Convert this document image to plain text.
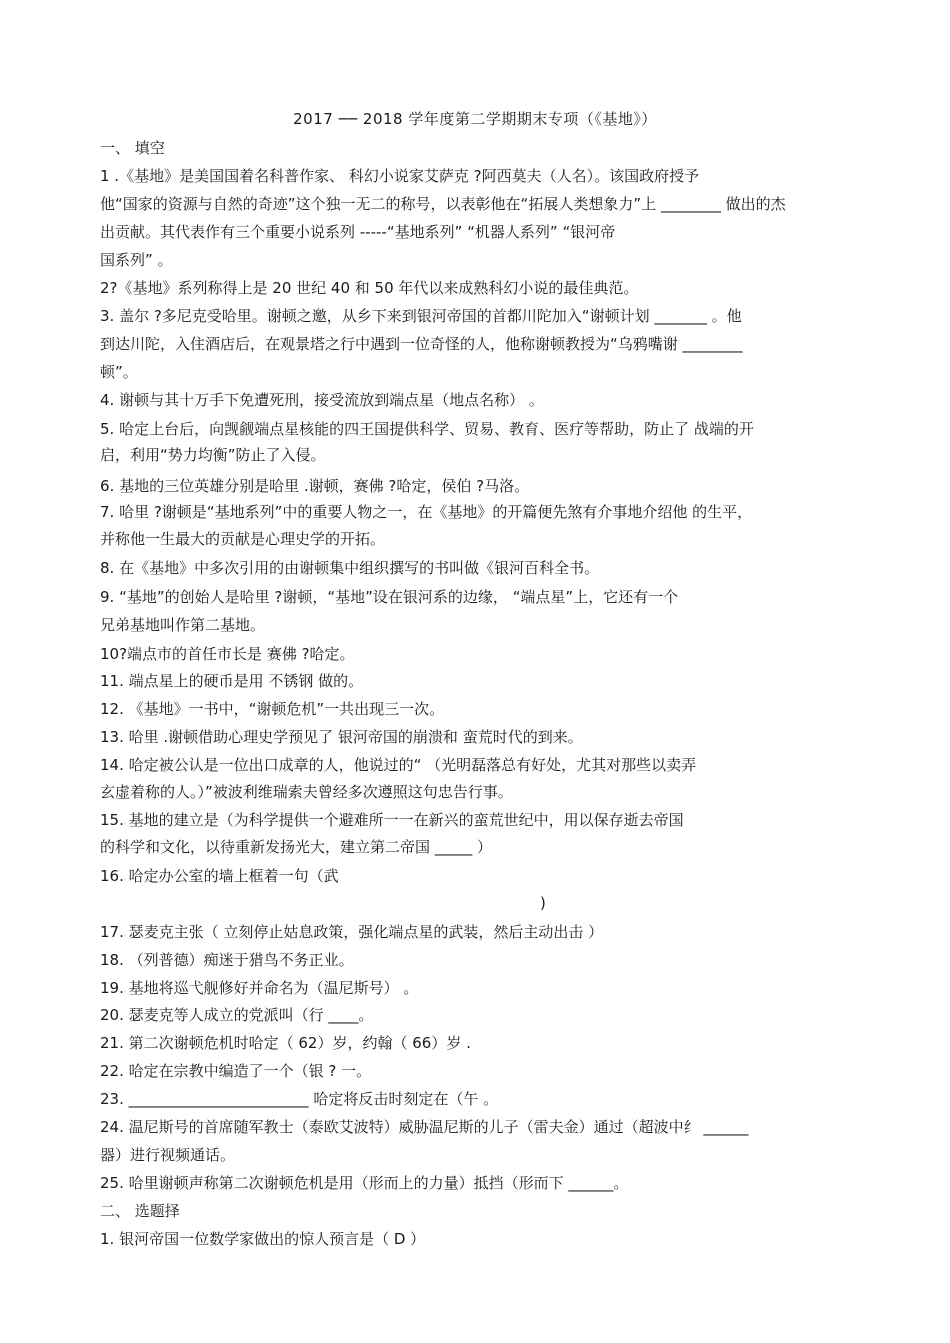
2017 ── 2018 学年度第二学期期末专项（《基地》）
一、 填空
1 .《基地》是美国国着名科普作家、 科幻小说家艾萨克 ?阿西莫夫（人名）。该国政府授予
他“国家的资源与自然的奇迹”这个独一无二的称号，以表彰他在“拓展人类想象力”上 ________ 做出的杰
出贡献。其代表作有三个重要小说系列 -----“基地系列” “机器人系列” “银河帝
国系列” 。
2?《基地》系列称得上是 20 世纪 40 和 50 年代以来成熟科幻小说的最佳典范。
3. 盖尔 ?多尼克受哈里。谢顿之邀，从乡下来到银河帝国的首都川陀加入“谢顿计划 _______ 。他
到达川陀，入住酒店后，在观景塔之行中遇到一位奇怪的人，他称谢顿教授为“乌鸦嘴谢 ________
顿”。
4. 谢顿与其十万手下免遭死刑，接受流放到端点星（地点名称） 。
5. 哈定上台后，向觊觎端点星核能的四王国提供科学、贸易、教育、医疗等帮助，防止了 战端的开
启，利用“势力均衡”防止了入侵。
6. 基地的三位英雄分别是哈里 .谢顿，赛佛 ?哈定，侯伯 ?马洛。
7. 哈里 ?谢顿是“基地系列”中的重要人物之一，在《基地》的开篇便先煞有介事地介绍他 的生平，
并称他一生最大的贡献是心理史学的开拓。
8. 在《基地》中多次引用的由谢顿集中组织撰写的书叫做《银河百科全书。
9. “基地”的创始人是哈里 ?谢顿，“基地”设在银河系的边缘， “端点星”上，它还有一个
兄弟基地叫作第二基地。
10?端点市的首任市长是 赛佛 ?哈定。
11. 端点星上的硬币是用 不锈钢 做的。
12. 《基地》一书中，“谢顿危机”一共出现三一次。
13. 哈里 .谢顿借助心理史学预见了 银河帝国的崩溃和 蛮荒时代的到来。
14. 哈定被公认是一位出口成章的人，他说过的“ （光明磊落总有好处，尤其对那些以卖弄
玄虚着称的人。）”被波利维瑞索夫曾经多次遵照这句忠告行事。
15. 基地的建立是（为科学提供一个避难所一一在新兴的蛮荒世纪中，用以保存逝去帝国
的科学和文化，以待重新发扬光大，建立第二帝国 _____ ）
16. 哈定办公室的墙上框着一句（武
)
17. 瑟麦克主张（ 立刻停止姑息政策，强化端点星的武装，然后主动出击 ）
18. （列普德）痴迷于猎鸟不务正业。
19. 基地将巡弋舰修好并命名为（温尼斯号） 。
20. 瑟麦克等人成立的党派叫（行 ____。
21. 第二次谢顿危机时哈定（ 62）岁，约翰（ 66）岁 .
22. 哈定在宗教中编造了一个（银 ? 一。
23. ________________________ 哈定将反击时刻定在（午 。
24. 温尼斯号的首席随军教士（泰欧艾波特）威胁温尼斯的儿子（雷夫金）通过（超波中纟 ______
器）进行视频通话。
25. 哈里谢顿声称第二次谢顿危机是用（形而上的力量）抵挡（形而下 ______。
二、 选题择
1. 银河帝国一位数学家做出的惊人预言是（ D ）
